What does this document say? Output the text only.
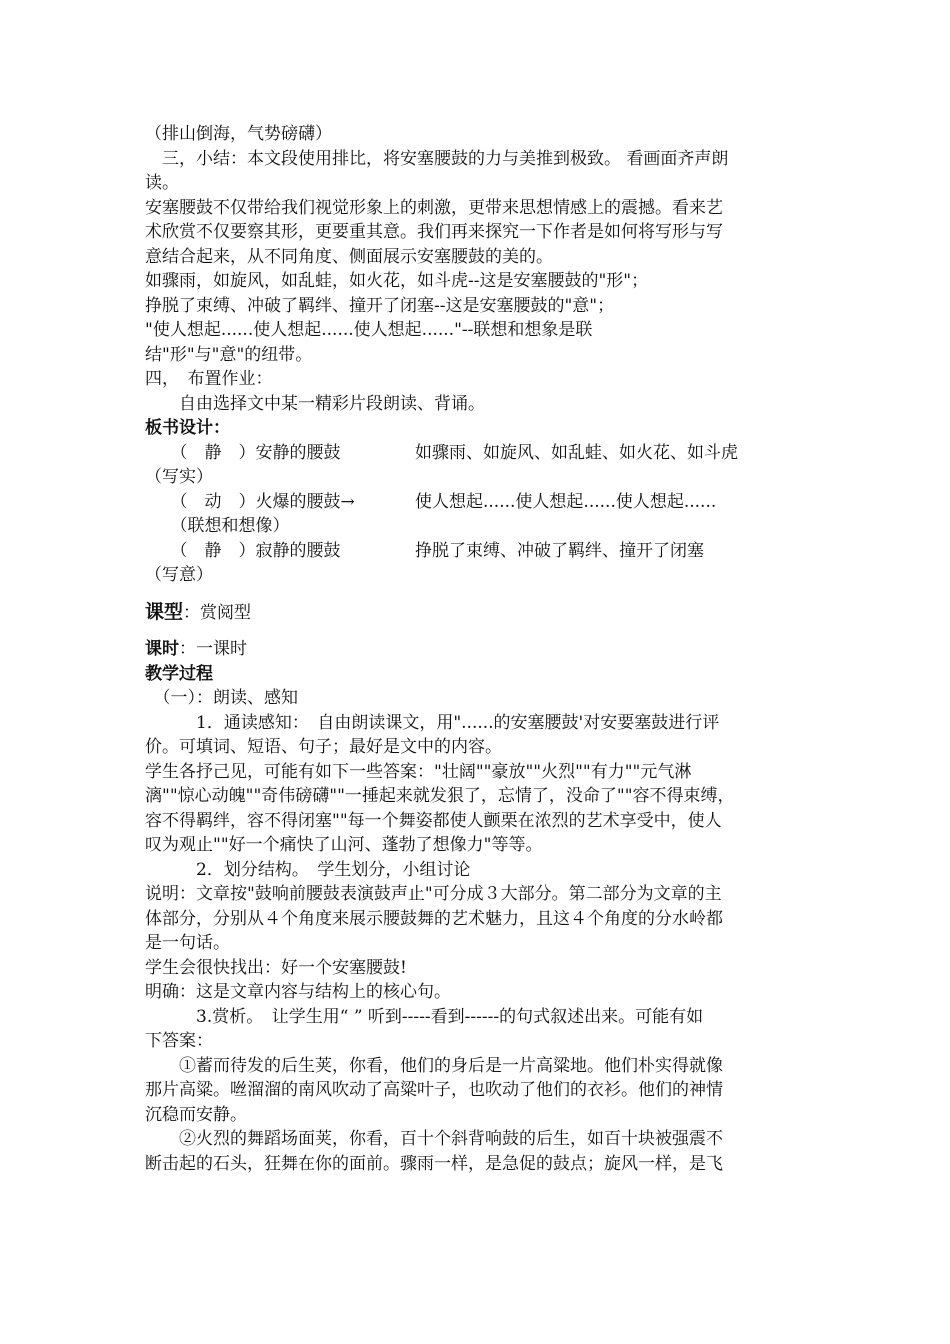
（排山倒海，气势磅礴）
　三，小结：本文段使用排比，将安塞腰鼓的力与美推到极致。 看画面齐声朗
读。
安塞腰鼓不仅带给我们视觉形象上的刺激，更带来思想情感上的震撼。看来艺
术欣赏不仅要察其形，更要重其意。我们再来探究一下作者是如何将写形与写
意结合起来，从不同角度、侧面展示安塞腰鼓的美的。
如骤雨，如旋风，如乱蛙，如火花，如斗虎--这是安塞腰鼓的"形"；
挣脱了束缚、冲破了羁绊、撞开了闭塞--这是安塞腰鼓的"意"；
"使人想起......使人想起......使人想起......"--联想和想象是联
结"形"与"意"的纽带。
四，　布置作业：
　　自由选择文中某一精彩片段朗读、背诵。
板书设计：
　　（　静　）安静的腰鼓	如骤雨、如旋风、如乱蛙、如火花、如斗虎
（写实）
　　（　动　）火爆的腰鼓→	使人想起......使人想起......使人想起......
　　（联想和想像）
　　（　静　）寂静的腰鼓	挣脱了束缚、冲破了羁绊、撞开了闭塞
（写意）
课型：赏阅型
课时：一课时
教学过程
　（一）：朗读、感知
　　　1．通读感知：　自由朗读课文，用"......的安塞腰鼓'对安要塞鼓进行评
价。可填词、短语、句子；最好是文中的内容。
学生各抒己见，可能有如下一些答案："壮阔""豪放""火烈""有力""元气淋
漓""惊心动魄""奇伟磅礴""一捶起来就发狠了，忘情了，没命了""容不得束缚，
容不得羁绊，容不得闭塞""每一个舞姿都使人颤栗在浓烈的艺术享受中，使人
叹为观止""好一个痛快了山河、蓬勃了想像力"等等。
　　　2．划分结构。　学生划分，小组讨论
说明：文章按"鼓响前腰鼓表演鼓声止"可分成３大部分。第二部分为文章的主
体部分，分别从４个角度来展示腰鼓舞的艺术魅力，且这４个角度的分水岭都
是一句话。
学生会很快找出：好一个安塞腰鼓!
明确：这是文章内容与结构上的核心句。
　　　3.赏析。　让学生用“ ” 听到-----看到------的句式叙述出来。可能有如
下答案：
　　①蓄而待发的后生荚，你看，他们的身后是一片高粱地。他们朴实得就像
那片高粱。咝溜溜的南风吹动了高粱叶子，也吹动了他们的衣衫。他们的神情
沉稳而安静。
　　②火烈的舞蹈场面荚，你看，百十个斜背响鼓的后生，如百十块被强震不
断击起的石头，狂舞在你的面前。骤雨一样，是急促的鼓点；旋风一样，是飞
